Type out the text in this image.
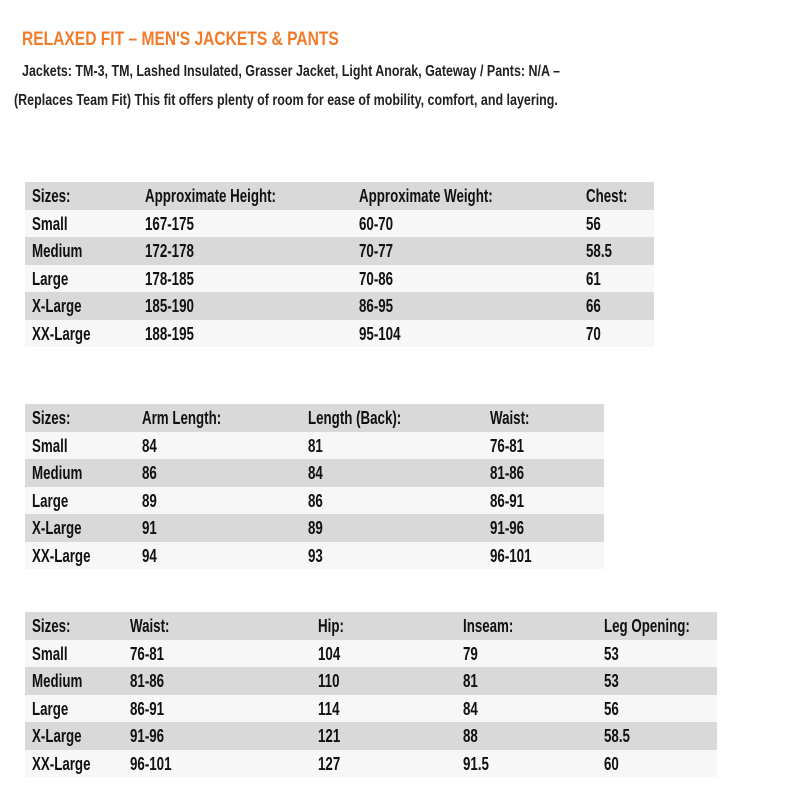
RELAXED FIT – MEN'S JACKETS & PANTS
Jackets: TM-3, TM, Lashed Insulated, Grasser Jacket, Light Anorak, Gateway / Pants: N/A –
(Replaces Team Fit) This fit offers plenty of room for ease of mobility, comfort, and layering.
Sizes:	Approximate Height:	Approximate Weight:	Chest:
Small	167-175	60-70	56
Medium	172-178	70-77	58.5
Large	178-185	70-86	61
X-Large	185-190	86-95	66
XX-Large	188-195	95-104	70
Sizes:	Arm Length:	Length (Back):	Waist:
Small	84	81	76-81
Medium	86	84	81-86
Large	89	86	86-91
X-Large	91	89	91-96
XX-Large	94	93	96-101
Sizes:	Waist:	Hip:	Inseam:	Leg Opening:
Small	76-81	104	79	53
Medium	81-86	110	81	53
Large	86-91	114	84	56
X-Large	91-96	121	88	58.5
XX-Large 96-101	127	91.5	60
